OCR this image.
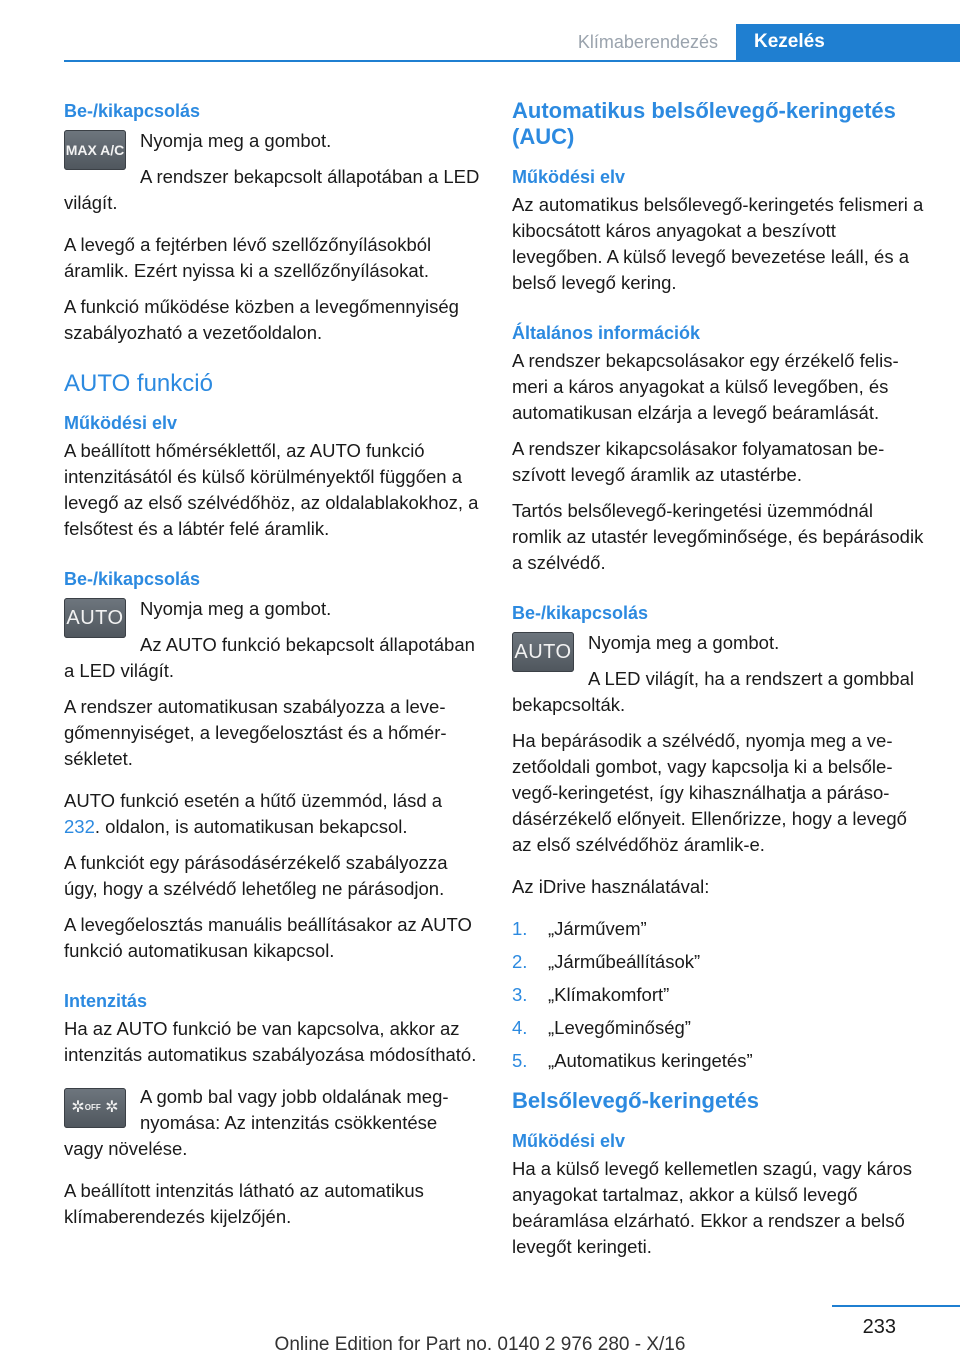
Klímaberendezés	Kezelés
Be-/kikapcsolás
MAX A/C Nyomja meg a gombot.

A rendszer bekapcsolt állapotában a LED világít.

A levegő a fejtérben lévő szellőzőnyílásokból áramlik. Ezért nyissa ki a szellőzőnyílásokat.

A funkció működése közben a levegőmennyiség szabályozható a vezetőoldalon.

AUTO funkció
Működési elv

A beállított hőmérséklettől, az AUTO funkció intenzitásától és külső körülményektől függően a levegő az első szélvédőhöz, az oldalablakokhoz, a felsőtest és a lábtér felé áramlik.

Be-/kikapcsolás
AUTO Nyomja meg a gombot.

Az AUTO funkció bekapcsolt állapotában a LED világít.

A rendszer automatikusan szabályozza a levegőmennyiséget, a levegőelosztást és a hőmérsékletet.

AUTO funkció esetén a hűtő üzemmód, lásd a 232. oldalon, is automatikusan bekapcsol.

A funkciót egy párásodásérzékelő szabályozza úgy, hogy a szélvédő lehetőleg ne párásodjon.

A levegőelosztás manuális beállításakor az AUTO funkció automatikusan kikapcsol.

Intenzitás

Ha az AUTO funkció be van kapcsolva, akkor az intenzitás automatikus szabályozása módosítható.

✲OFF ✲

A gomb bal vagy jobb oldalának megnyomása: Az intenzitás csökkentése vagy növelése.

A beállított intenzitás látható az automatikus klímaberendezés kijelzőjén.

Automatikus belsőlevegő-keringetés (AUC)
Működési elv

Az automatikus belsőlevegő-keringetés felismeri a kibocsátott káros anyagokat a beszívott levegőben. A külső levegő bevezetése leáll, és a belső levegő kering.

Általános információk

A rendszer bekapcsolásakor egy érzékelő felismeri a káros anyagokat a külső levegőben, és automatikusan elzárja a levegő beáramlását.

A rendszer kikapcsolásakor folyamatosan beszívott levegő áramlik az utastérbe.

Tartós belsőlevegő-keringetési üzemmódnál romlik az utastér levegőminősége, és bepárásodik a szélvédő.

Be-/kikapcsolás
AUTO Nyomja meg a gombot.

A LED világít, ha a rendszert a gombbal bekapcsolták.

Ha bepárásodik a szélvédő, nyomja meg a vezetőoldali gombot, vagy kapcsolja ki a belsőlevegő-keringetést, így kihasználhatja a párásodásérzékelő előnyeit. Ellenőrizze, hogy a levegő az első szélvédőhöz áramlik-e.

Az iDrive használatával:

1.	„Járművem”
2.	„Járműbeállítások”
3.	„Klímakomfort”
4.	„Levegőminőség”
5.	„Automatikus keringetés”
Belsőlevegő-keringetés
Működési elv

Ha a külső levegő kellemetlen szagú, vagy káros anyagokat tartalmaz, akkor a külső levegő beáramlása elzárható. Ekkor a rendszer a belső levegőt keringeti.

233
Online Edition for Part no. 0140 2 976 280 - X/16
